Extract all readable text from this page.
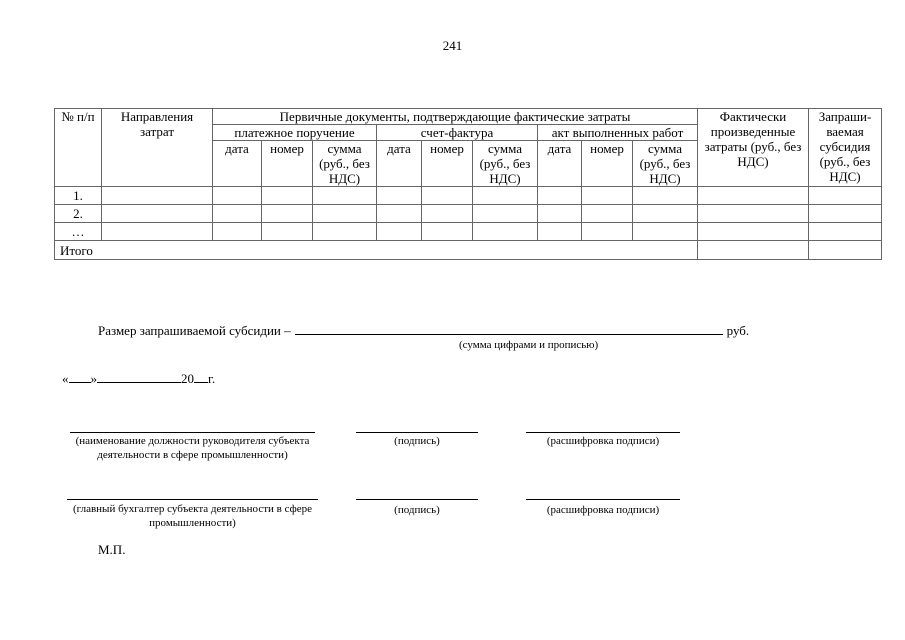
241
№ п/п	Направления затрат	Первичные документы, подтверждающие фактические затраты									Фактически произведенные затраты (руб., без НДС)	Запраши-ваемая субсидия (руб., без НДС)
		платежное поручение			счет-фактура			акт выполненных работ				
		дата	номер	сумма (руб., без НДС)	дата	номер	сумма (руб., без НДС)	дата	номер	сумма (руб., без НДС)		
1.												
2.												
…												
Итого												
Размер запрашиваемой субсидии –	руб.
(сумма цифрами и прописью)
« »	20 г.
(наименование должности руководителя субъекта деятельности в сфере промышленности)
(подпись)	(расшифровка подписи)
(главный бухгалтер субъекта деятельности в сфере промышленности)
(подпись)	(расшифровка подписи)
М.П.
